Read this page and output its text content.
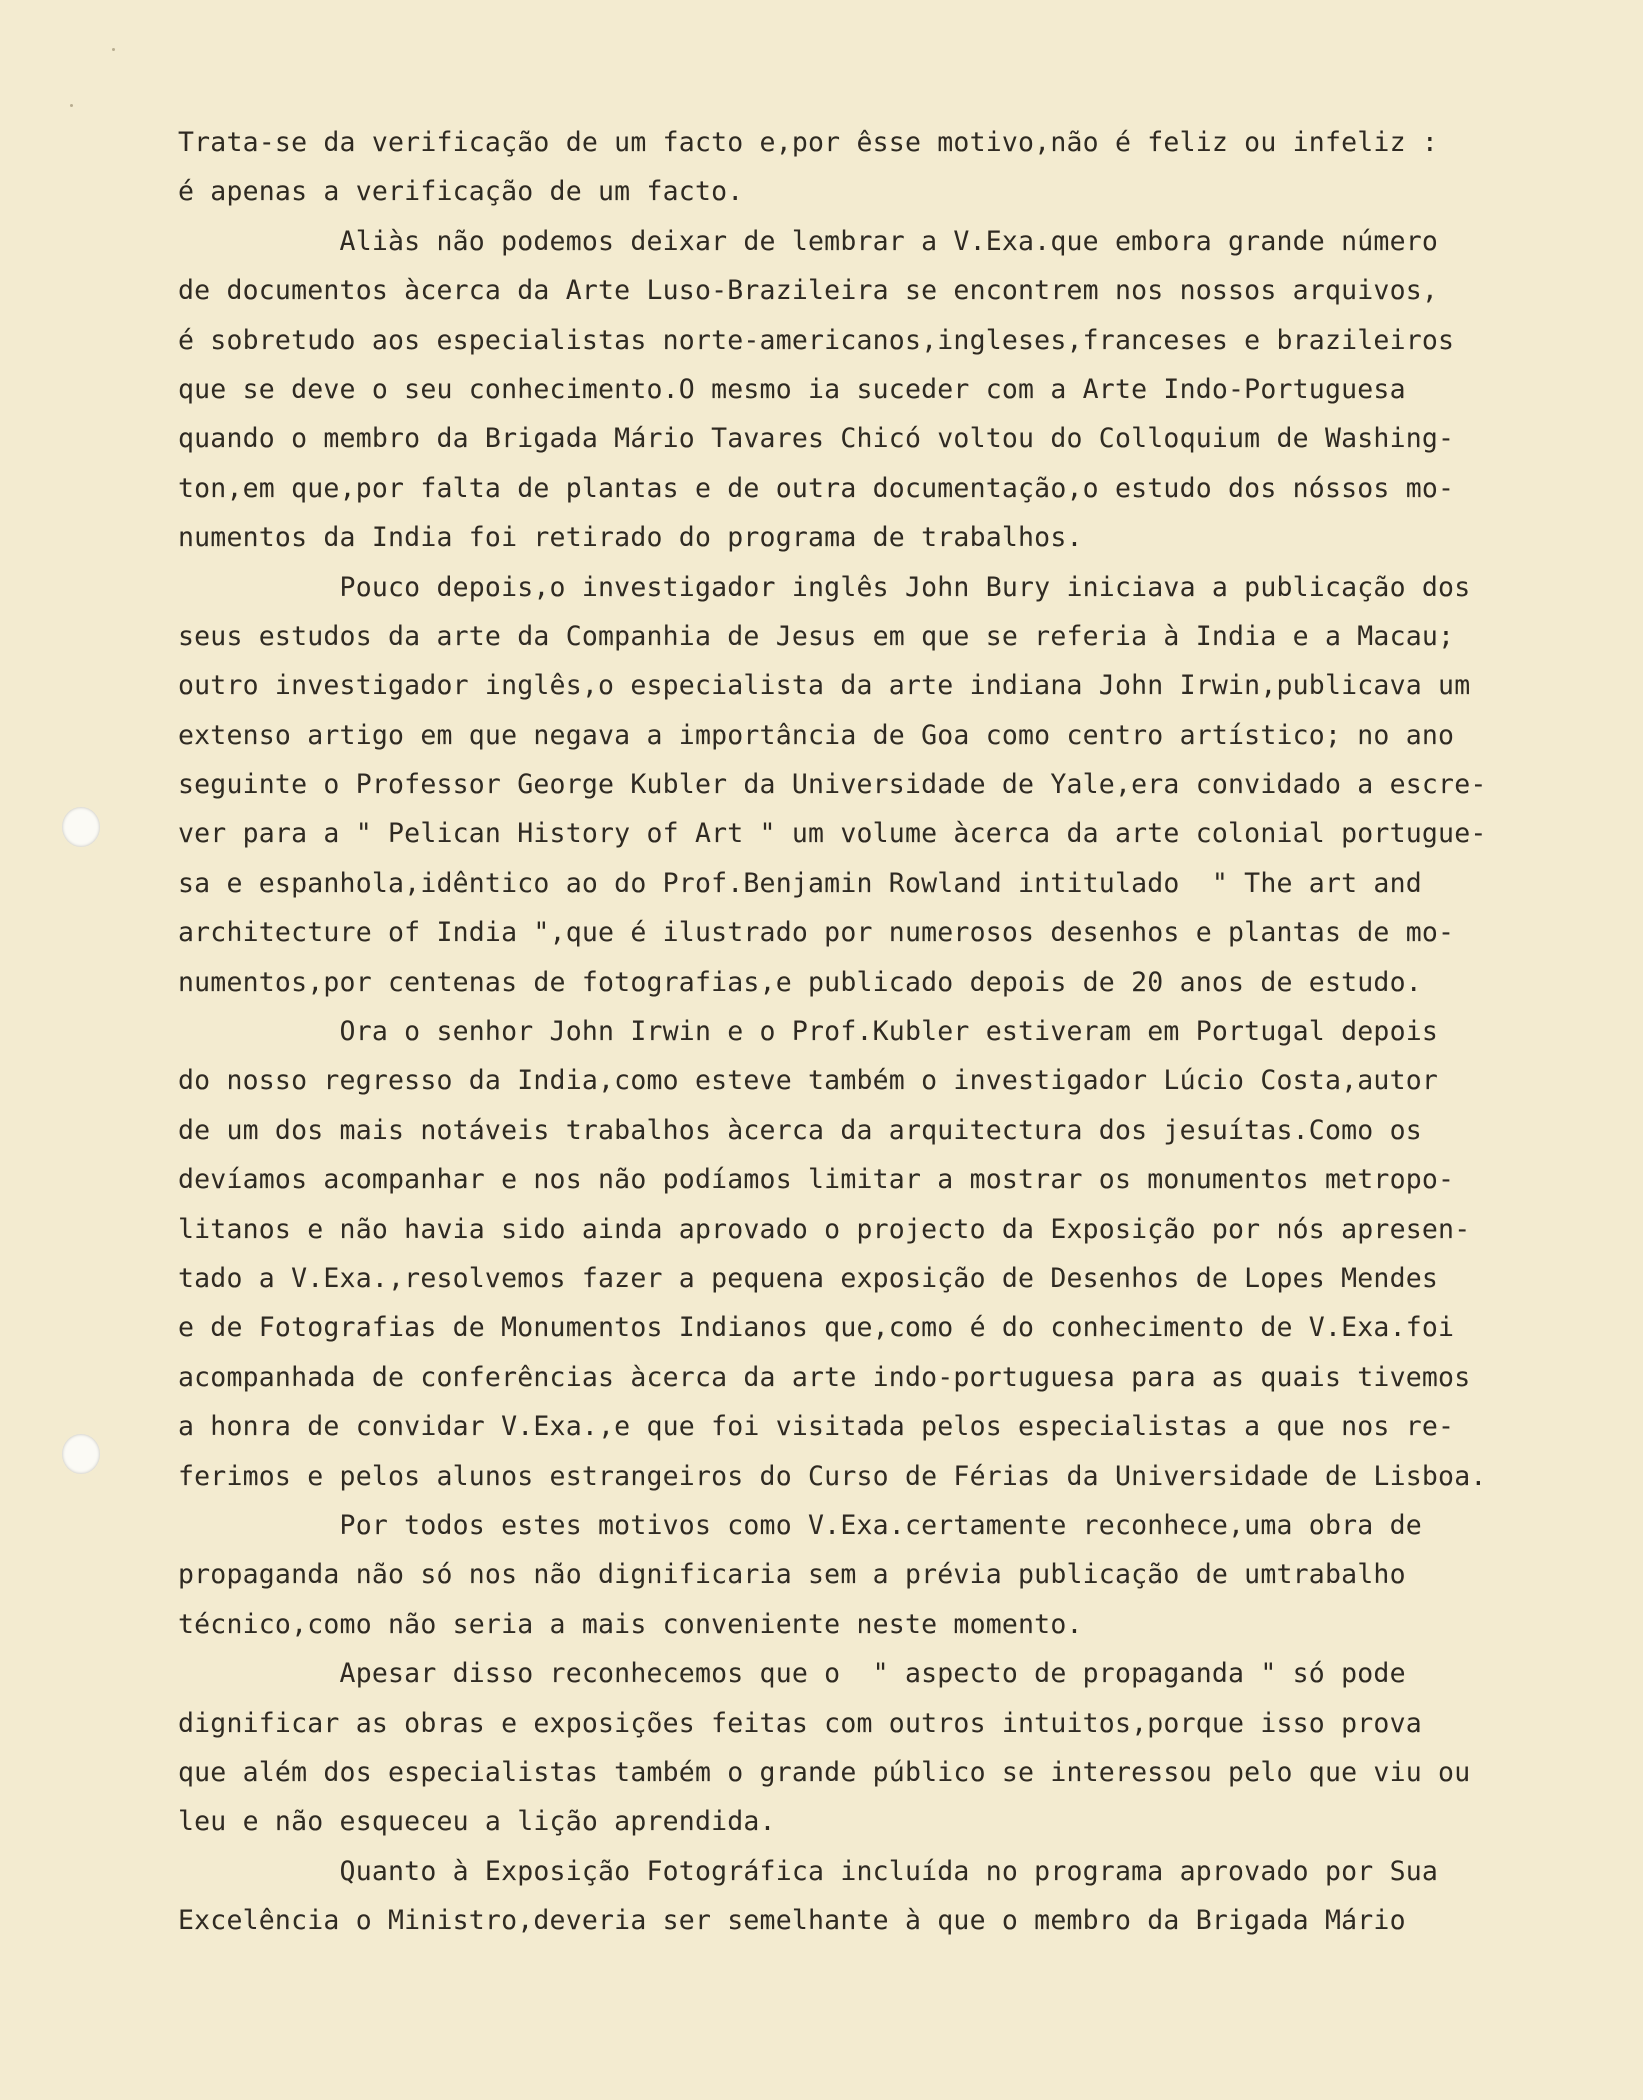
Trata-se da verificação de um facto e,por êsse motivo,não é feliz ou infeliz :
é apenas a verificação de um facto.
Aliàs não podemos deixar de lembrar a V.Exa.que embora grande número
de documentos àcerca da Arte Luso-Brazileira se encontrem nos nossos arquivos,
é sobretudo aos especialistas norte-americanos,ingleses,franceses e brazileiros
que se deve o seu conhecimento.O mesmo ia suceder com a Arte Indo-Portuguesa
quando o membro da Brigada Mário Tavares Chicó voltou do Colloquium de Washing-
ton,em que,por falta de plantas e de outra documentação,o estudo dos nóssos mo-
numentos da India foi retirado do programa de trabalhos.
Pouco depois,o investigador inglês John Bury iniciava a publicação dos
seus estudos da arte da Companhia de Jesus em que se referia à India e a Macau;
outro investigador inglês,o especialista da arte indiana John Irwin,publicava um
extenso artigo em que negava a importância de Goa como centro artístico; no ano
seguinte o Professor George Kubler da Universidade de Yale,era convidado a escre-
ver para a " Pelican History of Art " um volume àcerca da arte colonial portugue-
sa e espanhola,idêntico ao do Prof.Benjamin Rowland intitulado  " The art and
architecture of India ",que é ilustrado por numerosos desenhos e plantas de mo-
numentos,por centenas de fotografias,e publicado depois de 20 anos de estudo.
Ora o senhor John Irwin e o Prof.Kubler estiveram em Portugal depois
do nosso regresso da India,como esteve também o investigador Lúcio Costa,autor
de um dos mais notáveis trabalhos àcerca da arquitectura dos jesuítas.Como os
devíamos acompanhar e nos não podíamos limitar a mostrar os monumentos metropo-
litanos e não havia sido ainda aprovado o projecto da Exposição por nós apresen-
tado a V.Exa.,resolvemos fazer a pequena exposição de Desenhos de Lopes Mendes
e de Fotografias de Monumentos Indianos que,como é do conhecimento de V.Exa.foi
acompanhada de conferências àcerca da arte indo-portuguesa para as quais tivemos
a honra de convidar V.Exa.,e que foi visitada pelos especialistas a que nos re-
ferimos e pelos alunos estrangeiros do Curso de Férias da Universidade de Lisboa.
Por todos estes motivos como V.Exa.certamente reconhece,uma obra de
propaganda não só nos não dignificaria sem a prévia publicação de umtrabalho
técnico,como não seria a mais conveniente neste momento.
Apesar disso reconhecemos que o  " aspecto de propaganda " só pode
dignificar as obras e exposições feitas com outros intuitos,porque isso prova
que além dos especialistas também o grande público se interessou pelo que viu ou
leu e não esqueceu a lição aprendida.
Quanto à Exposição Fotográfica incluída no programa aprovado por Sua
Excelência o Ministro,deveria ser semelhante à que o membro da Brigada Mário
